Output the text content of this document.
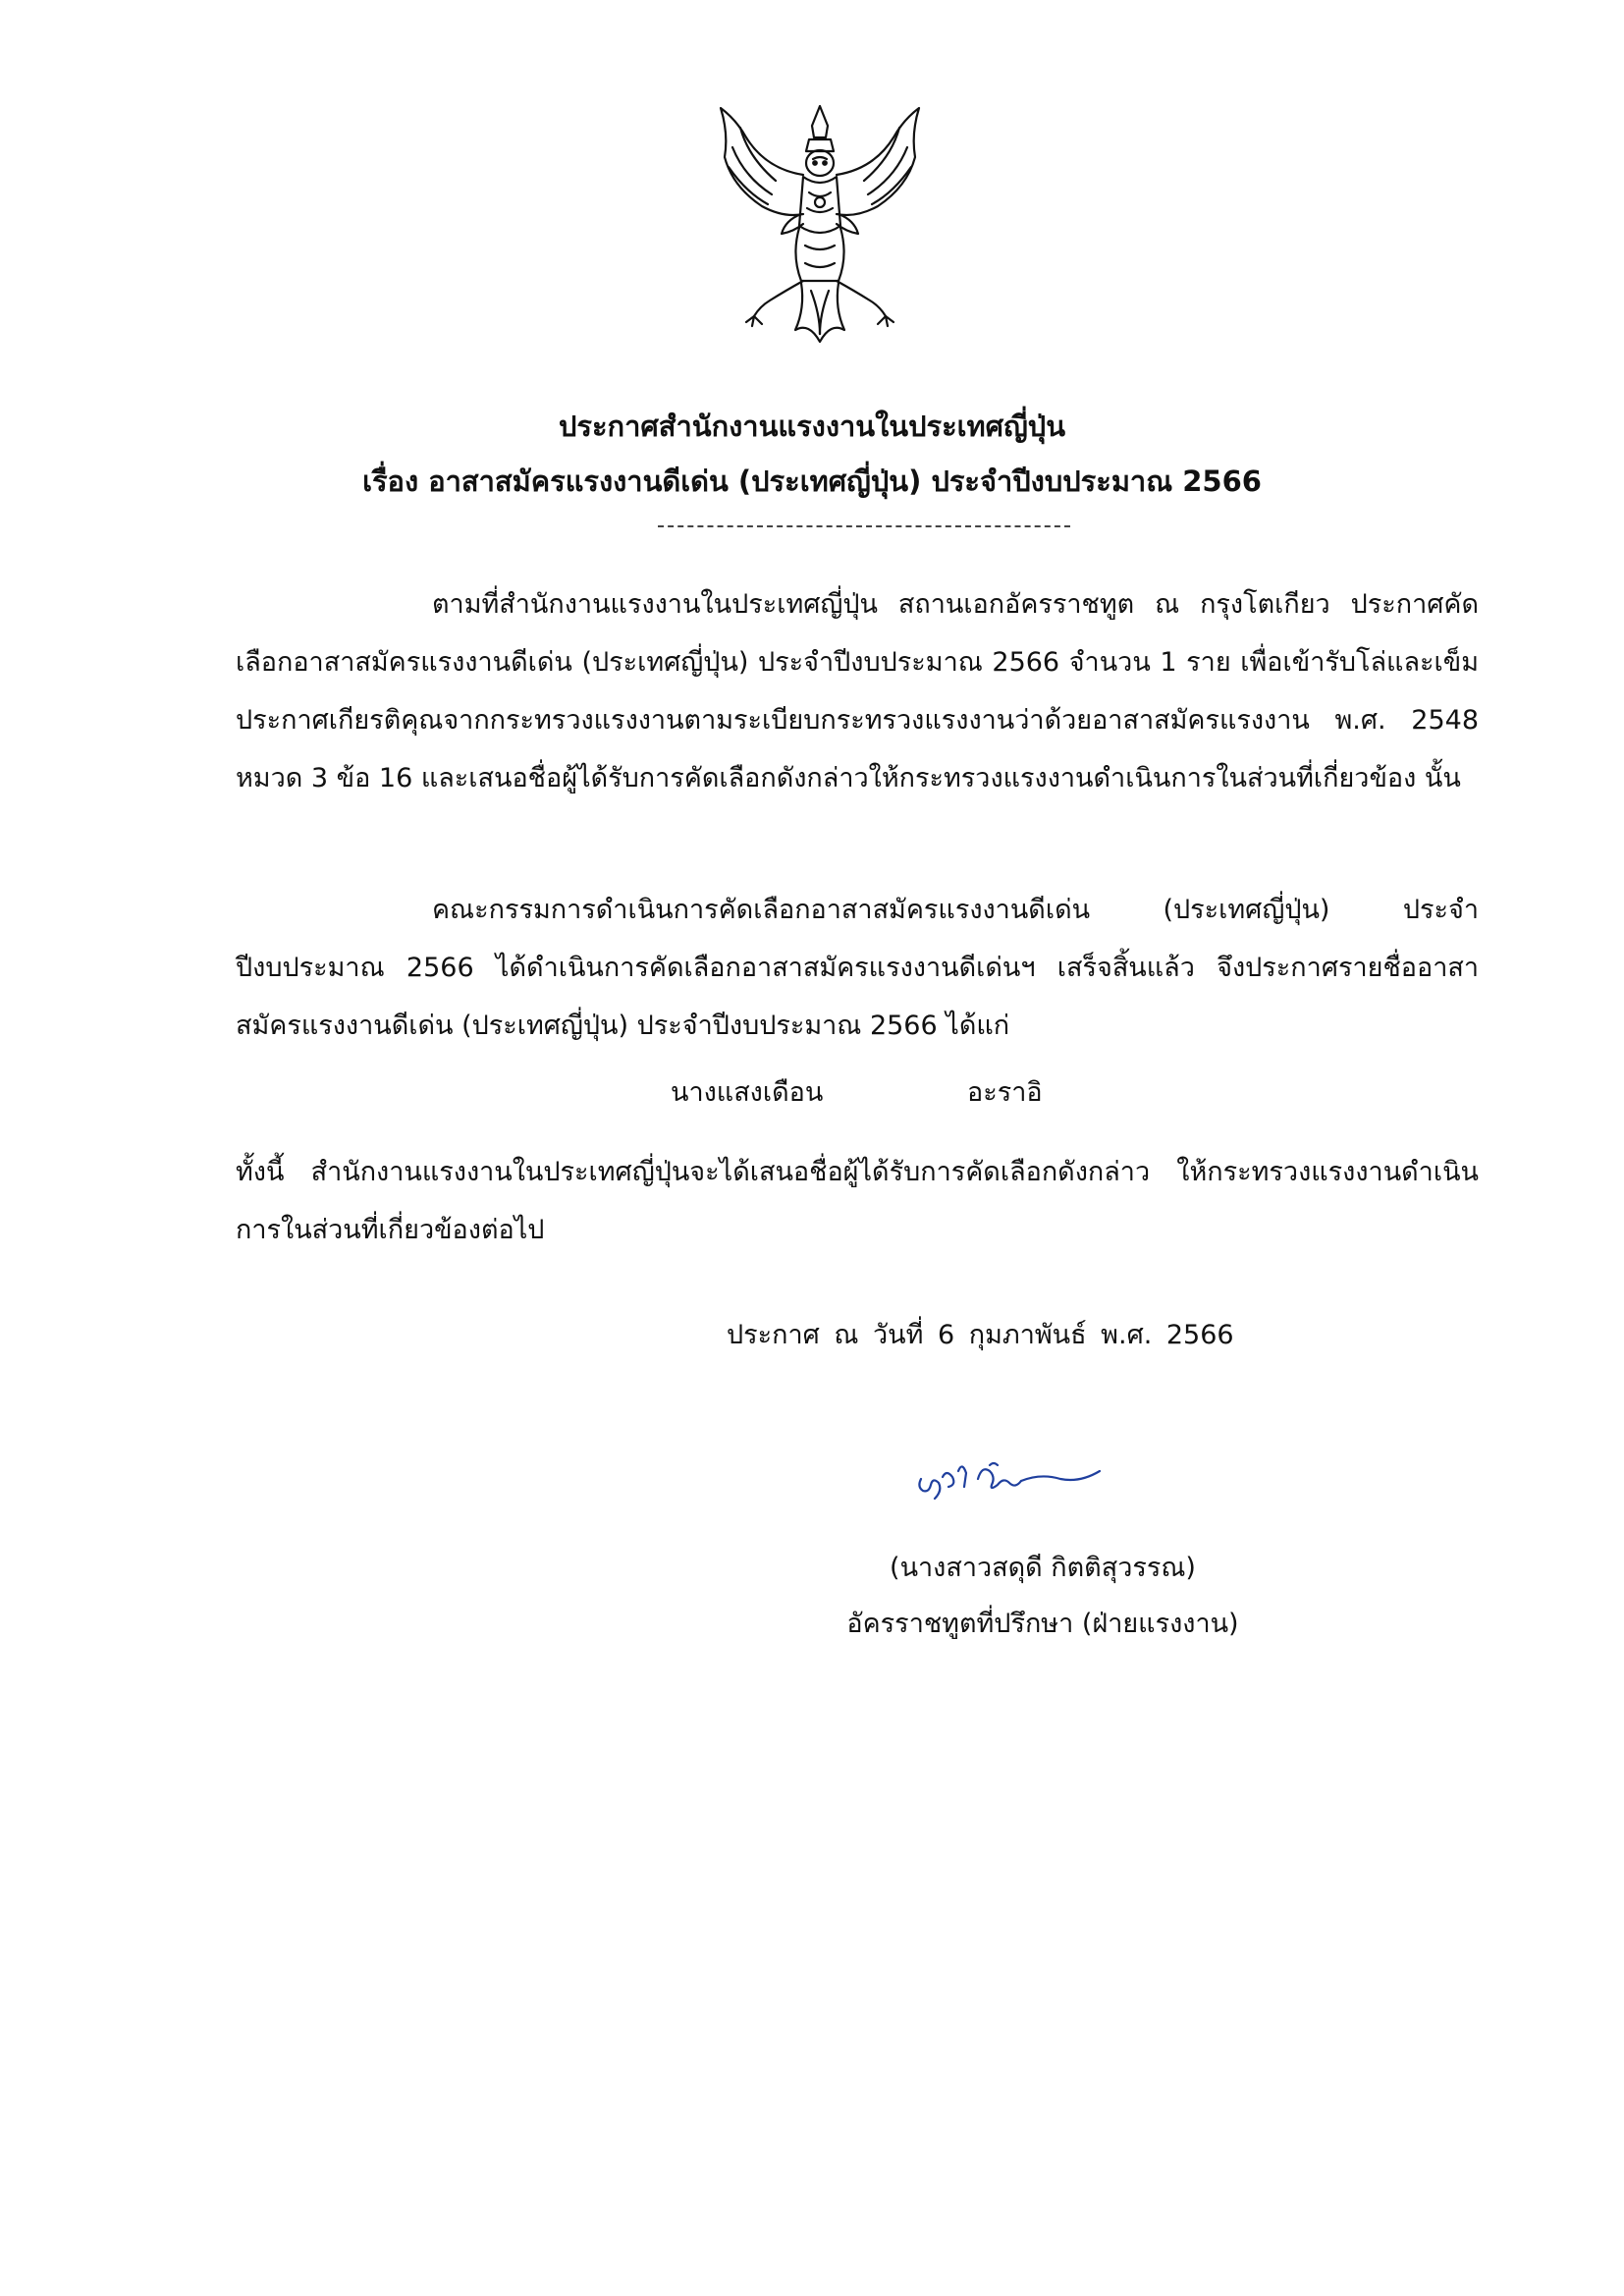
ประกาศสำนักงานแรงงานในประเทศญี่ปุ่น
เรื่อง อาสาสมัครแรงงานดีเด่น (ประเทศญี่ปุ่น) ประจำปีงบประมาณ 2566
ตามที่สำนักงานแรงงานในประเทศญี่ปุ่น สถานเอกอัครราชทูต ณ กรุงโตเกียว ประกาศคัดเลือกอาสาสมัครแรงงานดีเด่น (ประเทศญี่ปุ่น) ประจำปีงบประมาณ 2566 จำนวน 1 ราย เพื่อเข้ารับโล่และเข็มประกาศเกียรติคุณจากกระทรวงแรงงานตามระเบียบกระทรวงแรงงานว่าด้วยอาสาสมัครแรงงาน พ.ศ. 2548 หมวด 3 ข้อ 16 และเสนอชื่อผู้ได้รับการคัดเลือกดังกล่าวให้กระทรวงแรงงานดำเนินการในส่วนที่เกี่ยวข้อง นั้น
คณะกรรมการดำเนินการคัดเลือกอาสาสมัครแรงงานดีเด่น (ประเทศญี่ปุ่น) ประจำปีงบประมาณ 2566 ได้ดำเนินการคัดเลือกอาสาสมัครแรงงานดีเด่นฯ เสร็จสิ้นแล้ว จึงประกาศรายชื่ออาสาสมัครแรงงานดีเด่น (ประเทศญี่ปุ่น) ประจำปีงบประมาณ 2566 ได้แก่
นางแสงเดือน	อะราอิ
ทั้งนี้ สำนักงานแรงงานในประเทศญี่ปุ่นจะได้เสนอชื่อผู้ได้รับการคัดเลือกดังกล่าว ให้กระทรวงแรงงานดำเนินการในส่วนที่เกี่ยวข้องต่อไป
ประกาศ ณ วันที่ 6 กุมภาพันธ์ พ.ศ. 2566
(นางสาวสดุดี กิตติสุวรรณ)
อัครราชทูตที่ปรึกษา (ฝ่ายแรงงาน)
